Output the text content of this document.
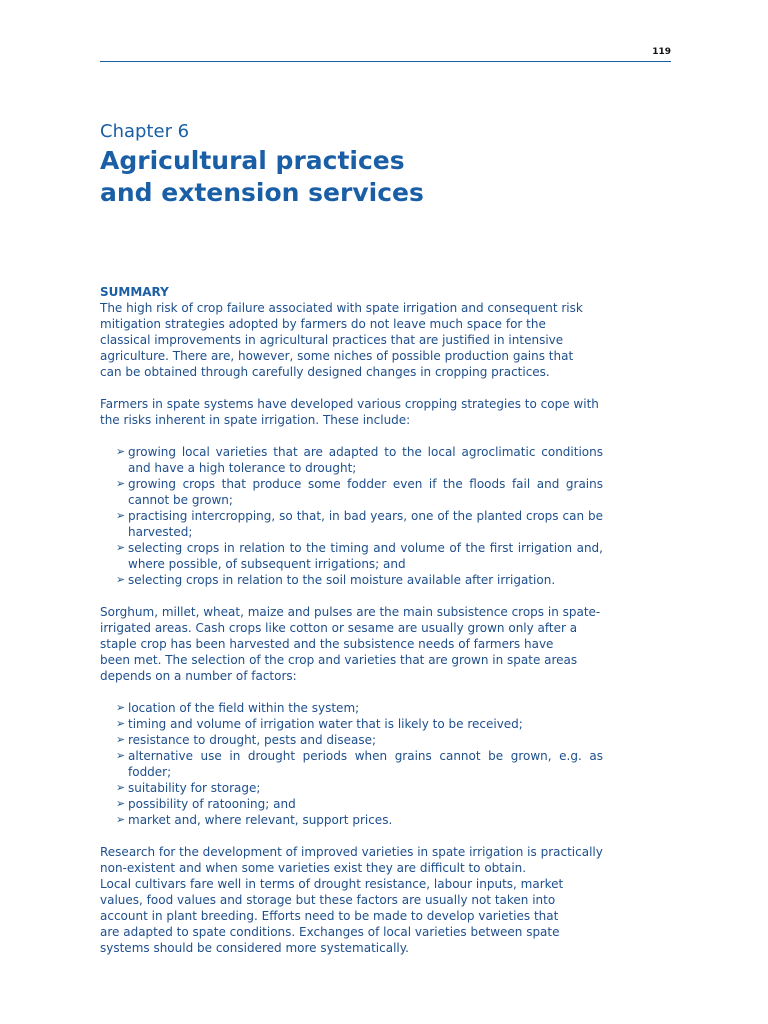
119
Chapter 6
Agricultural practices
and extension services
SUMMARY

The high risk of crop failure associated with spate irrigation and consequent risk
mitigation strategies adopted by farmers do not leave much space for the
classical improvements in agricultural practices that are justified in intensive
agriculture. There are, however, some niches of possible production gains that
can be obtained through carefully designed changes in cropping practices.

Farmers in spate systems have developed various cropping strategies to cope with
the risks inherent in spate irrigation. These include:

➢ growing local varieties that are adapted to the local agroclimatic conditions and have a high tolerance to drought;
➢ growing crops that produce some fodder even if the floods fail and grains cannot be grown;
➢ practising intercropping, so that, in bad years, one of the planted crops can be harvested;
➢ selecting crops in relation to the timing and volume of the first irrigation and, where possible, of subsequent irrigations; and
➢ selecting crops in relation to the soil moisture available after irrigation.

Sorghum, millet, wheat, maize and pulses are the main subsistence crops in spate-
irrigated areas. Cash crops like cotton or sesame are usually grown only after a
staple crop has been harvested and the subsistence needs of farmers have
been met. The selection of the crop and varieties that are grown in spate areas
depends on a number of factors:

➢ location of the field within the system;
➢ timing and volume of irrigation water that is likely to be received;
➢ resistance to drought, pests and disease;
➢ alternative use in drought periods when grains cannot be grown, e.g. as fodder;
➢ suitability for storage;
➢ possibility of ratooning; and
➢ market and, where relevant, support prices.

Research for the development of improved varieties in spate irrigation is practically
non-existent and when some varieties exist they are difficult to obtain.
Local cultivars fare well in terms of drought resistance, labour inputs, market
values, food values and storage but these factors are usually not taken into
account in plant breeding. Efforts need to be made to develop varieties that
are adapted to spate conditions. Exchanges of local varieties between spate
systems should be considered more systematically.
